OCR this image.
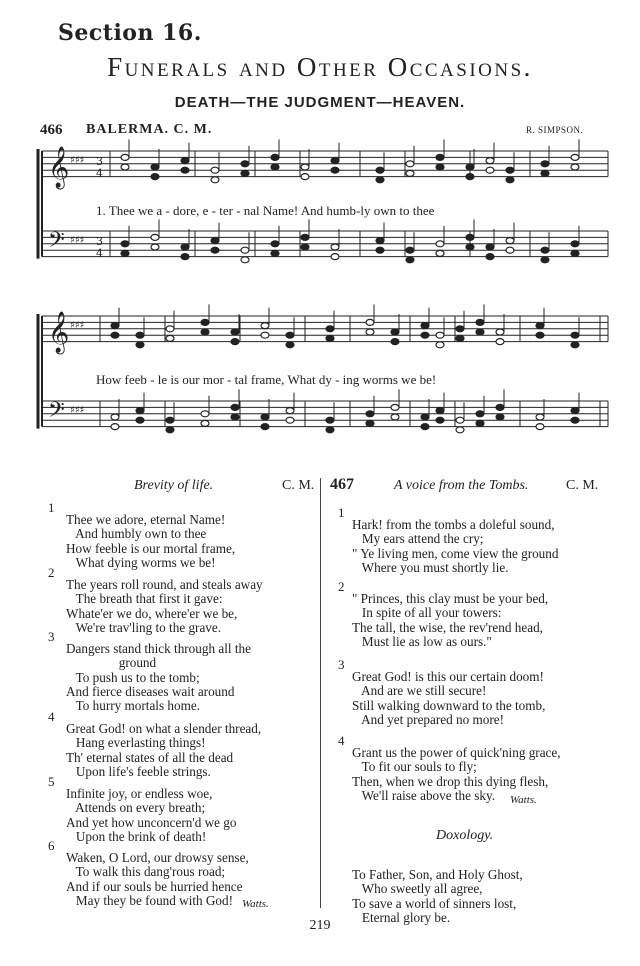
Section 16.
Funerals and Other Occasions.
DEATH—THE JUDGMENT—HEAVEN.
466 BALERMA. C. M.	R. SIMPSON.
𝄞
𝄞
𝄢
𝄢
♯♯♯
♯♯♯
♯♯♯
♯♯♯
3
4
3
4
1. Thee we a - dore, e - ter - nal Name! And humb-ly own to thee
How feeb - le is our mor - tal frame, What dy - ing worms we be!
Brevity of life.	C. M. 467	A voice from the Tombs.	C. M.
1

Thee we adore, eternal Name!
And humbly own to thee
How feeble is our mortal frame,
What dying worms we be!
2

The years roll round, and steals away
The breath that first it gave:
Whate'er we do, where'er we be,
We're trav'ling to the grave.
3

Dangers stand thick through all the
ground
To push us to the tomb;
And fierce diseases wait around
To hurry mortals home.
4

Great God! on what a slender thread,
Hang everlasting things!
Th' eternal states of all the dead
Upon life's feeble strings.
5

Infinite joy, or endless woe,
Attends on every breath;
And yet how unconcern'd we go
Upon the brink of death!
6

Waken, O Lord, our drowsy sense,
To walk this dang'rous road;
And if our souls be hurried hence
May they be found with God! Watts.
1

Hark! from the tombs a doleful sound,
My ears attend the cry;
" Ye living men, come view the ground
Where you must shortly lie.
2

" Princes, this clay must be your bed,
In spite of all your towers:
The tall, the wise, the rev'rend head,
Must lie as low as ours."
3

Great God! is this our certain doom!
And are we still secure!
Still walking downward to the tomb,
And yet prepared no more!
4

Grant us the power of quick'ning grace,
To fit our souls to fly;
Then, when we drop this dying flesh,
We'll raise above the sky.	Watts.
Doxology.

To Father, Son, and Holy Ghost,
Who sweetly all agree,
To save a world of sinners lost,
Eternal glory be.
219
